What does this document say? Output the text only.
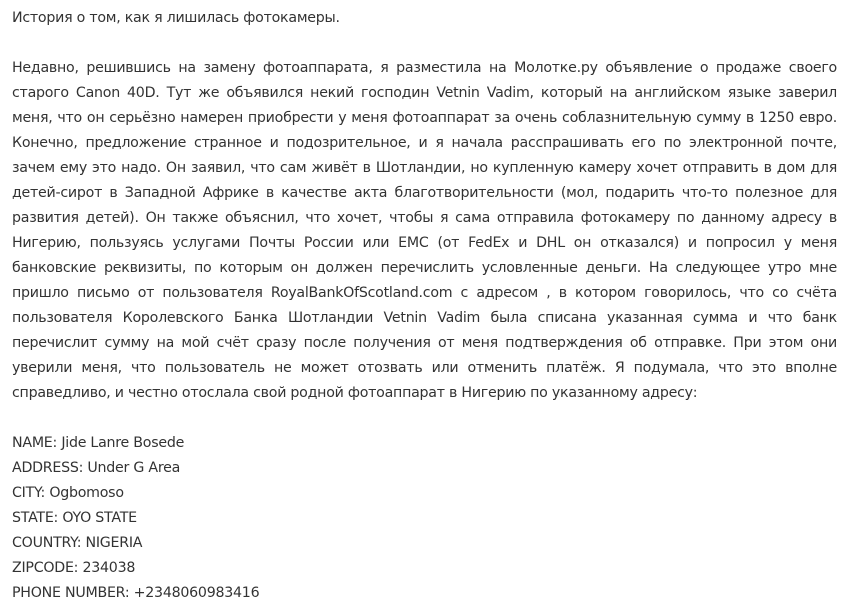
История о том, как я лишилась фотокамеры.

Недавно, решившись на замену фотоаппарата, я разместила на Молотке.ру объявление о продаже своего старого Canon 40D. Тут же объявился некий господин Vetnin Vadim, который на английском языке заверил меня, что он серьёзно намерен приобрести у меня фотоаппарат за очень соблазнительную сумму в 1250 евро. Конечно, предложение странное и подозрительное, и я начала расспрашивать его по электронной почте, зачем ему это надо. Он заявил, что сам живёт в Шотландии, но купленную камеру хочет отправить в дом для детей-сирот в Западной Африке в качестве акта благотворительности (мол, подарить что-то полезное для развития детей). Он также объяснил, что хочет, чтобы я сама отправила фотокамеру по данному адресу в Нигерию, пользуясь услугами Почты России или EMC (от FedEx и DHL он отказался) и попросил у меня банковские реквизиты, по которым он должен перечислить условленные деньги. На следующее утро мне пришло письмо от пользователя RoyalBankOfScotland.com с адресом , в котором говорилось, что со счёта пользователя Королевского Банка Шотландии Vetnin Vadim была списана указанная сумма и что банк перечислит сумму на мой счёт сразу после получения от меня подтверждения об отправке. При этом они уверили меня, что пользователь не может отозвать или отменить платёж. Я подумала, что это вполне справедливо, и честно отослала свой родной фотоаппарат в Нигерию по указанному адресу:

NAME: Jide Lanre Bosede
ADDRESS: Under G Area
CITY: Ogbomoso
STATE: OYO STATE
COUNTRY: NIGERIA
ZIPCODE: 234038
PHONE NUMBER: +2348060983416
